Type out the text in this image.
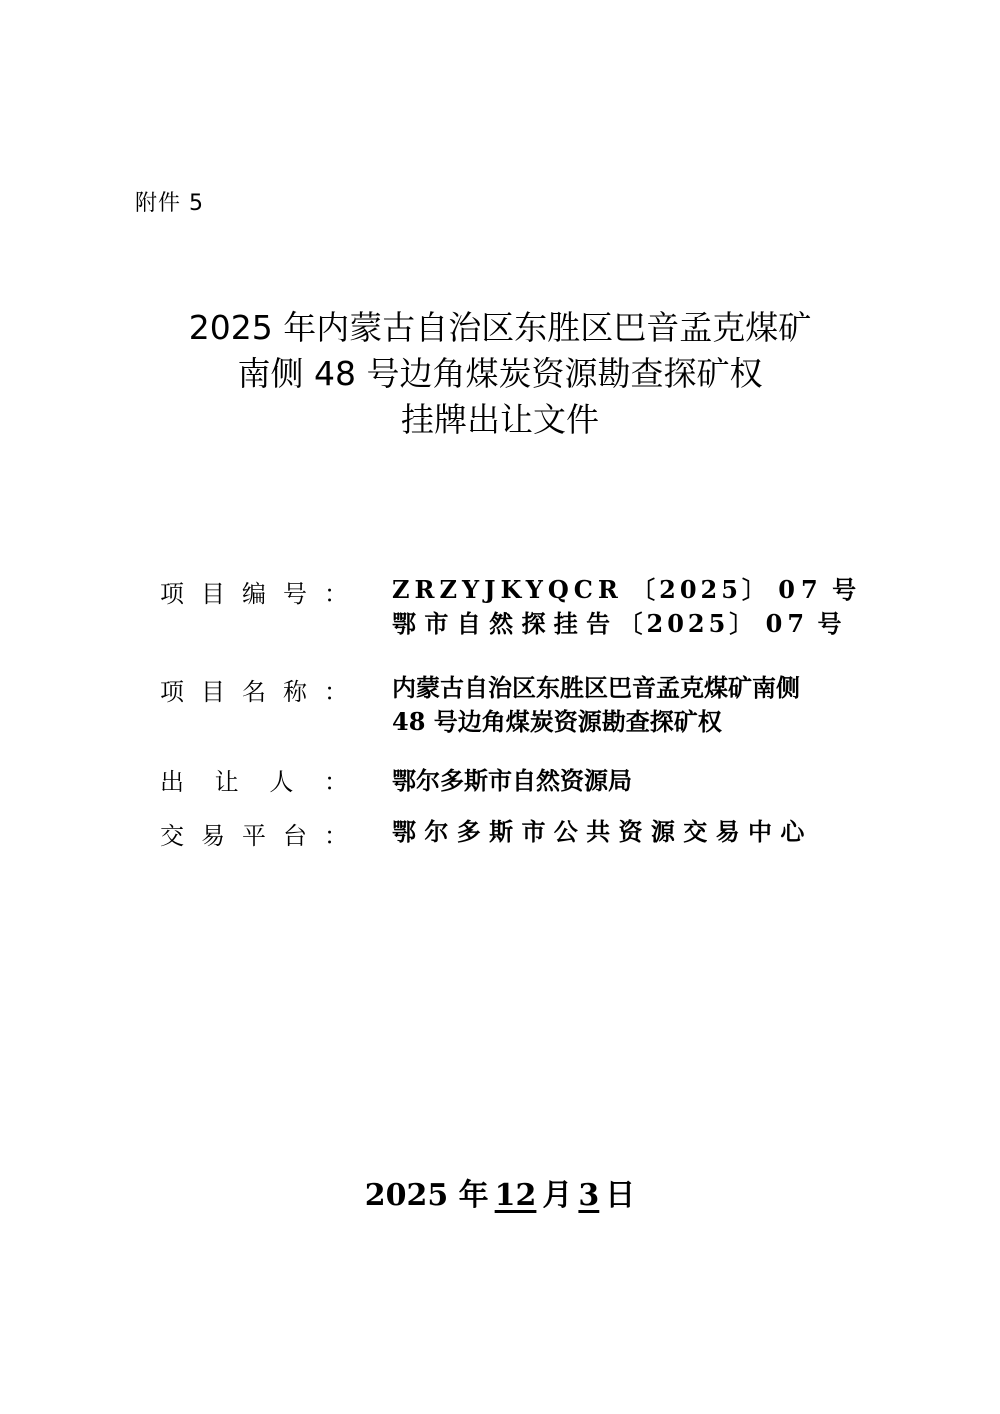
附件 5
2025 年内蒙古自治区东胜区巴音孟克煤矿
南侧 48 号边角煤炭资源勘查探矿权
挂牌出让文件
项 目 编 号 ： ZRZYJKYQCR 〔2025〕 07 号
鄂 市 自 然 探 挂 告 〔2025〕 07 号
项 目 名 称 ： 内蒙古自治区东胜区巴音孟克煤矿南侧
48 号边角煤炭资源勘查探矿权
出 让 人 ： 鄂尔多斯市自然资源局
交 易 平 台 ： 鄂 尔 多 斯 市 公 共 资 源 交 易 中 心
2025 年 12 月 3 日
